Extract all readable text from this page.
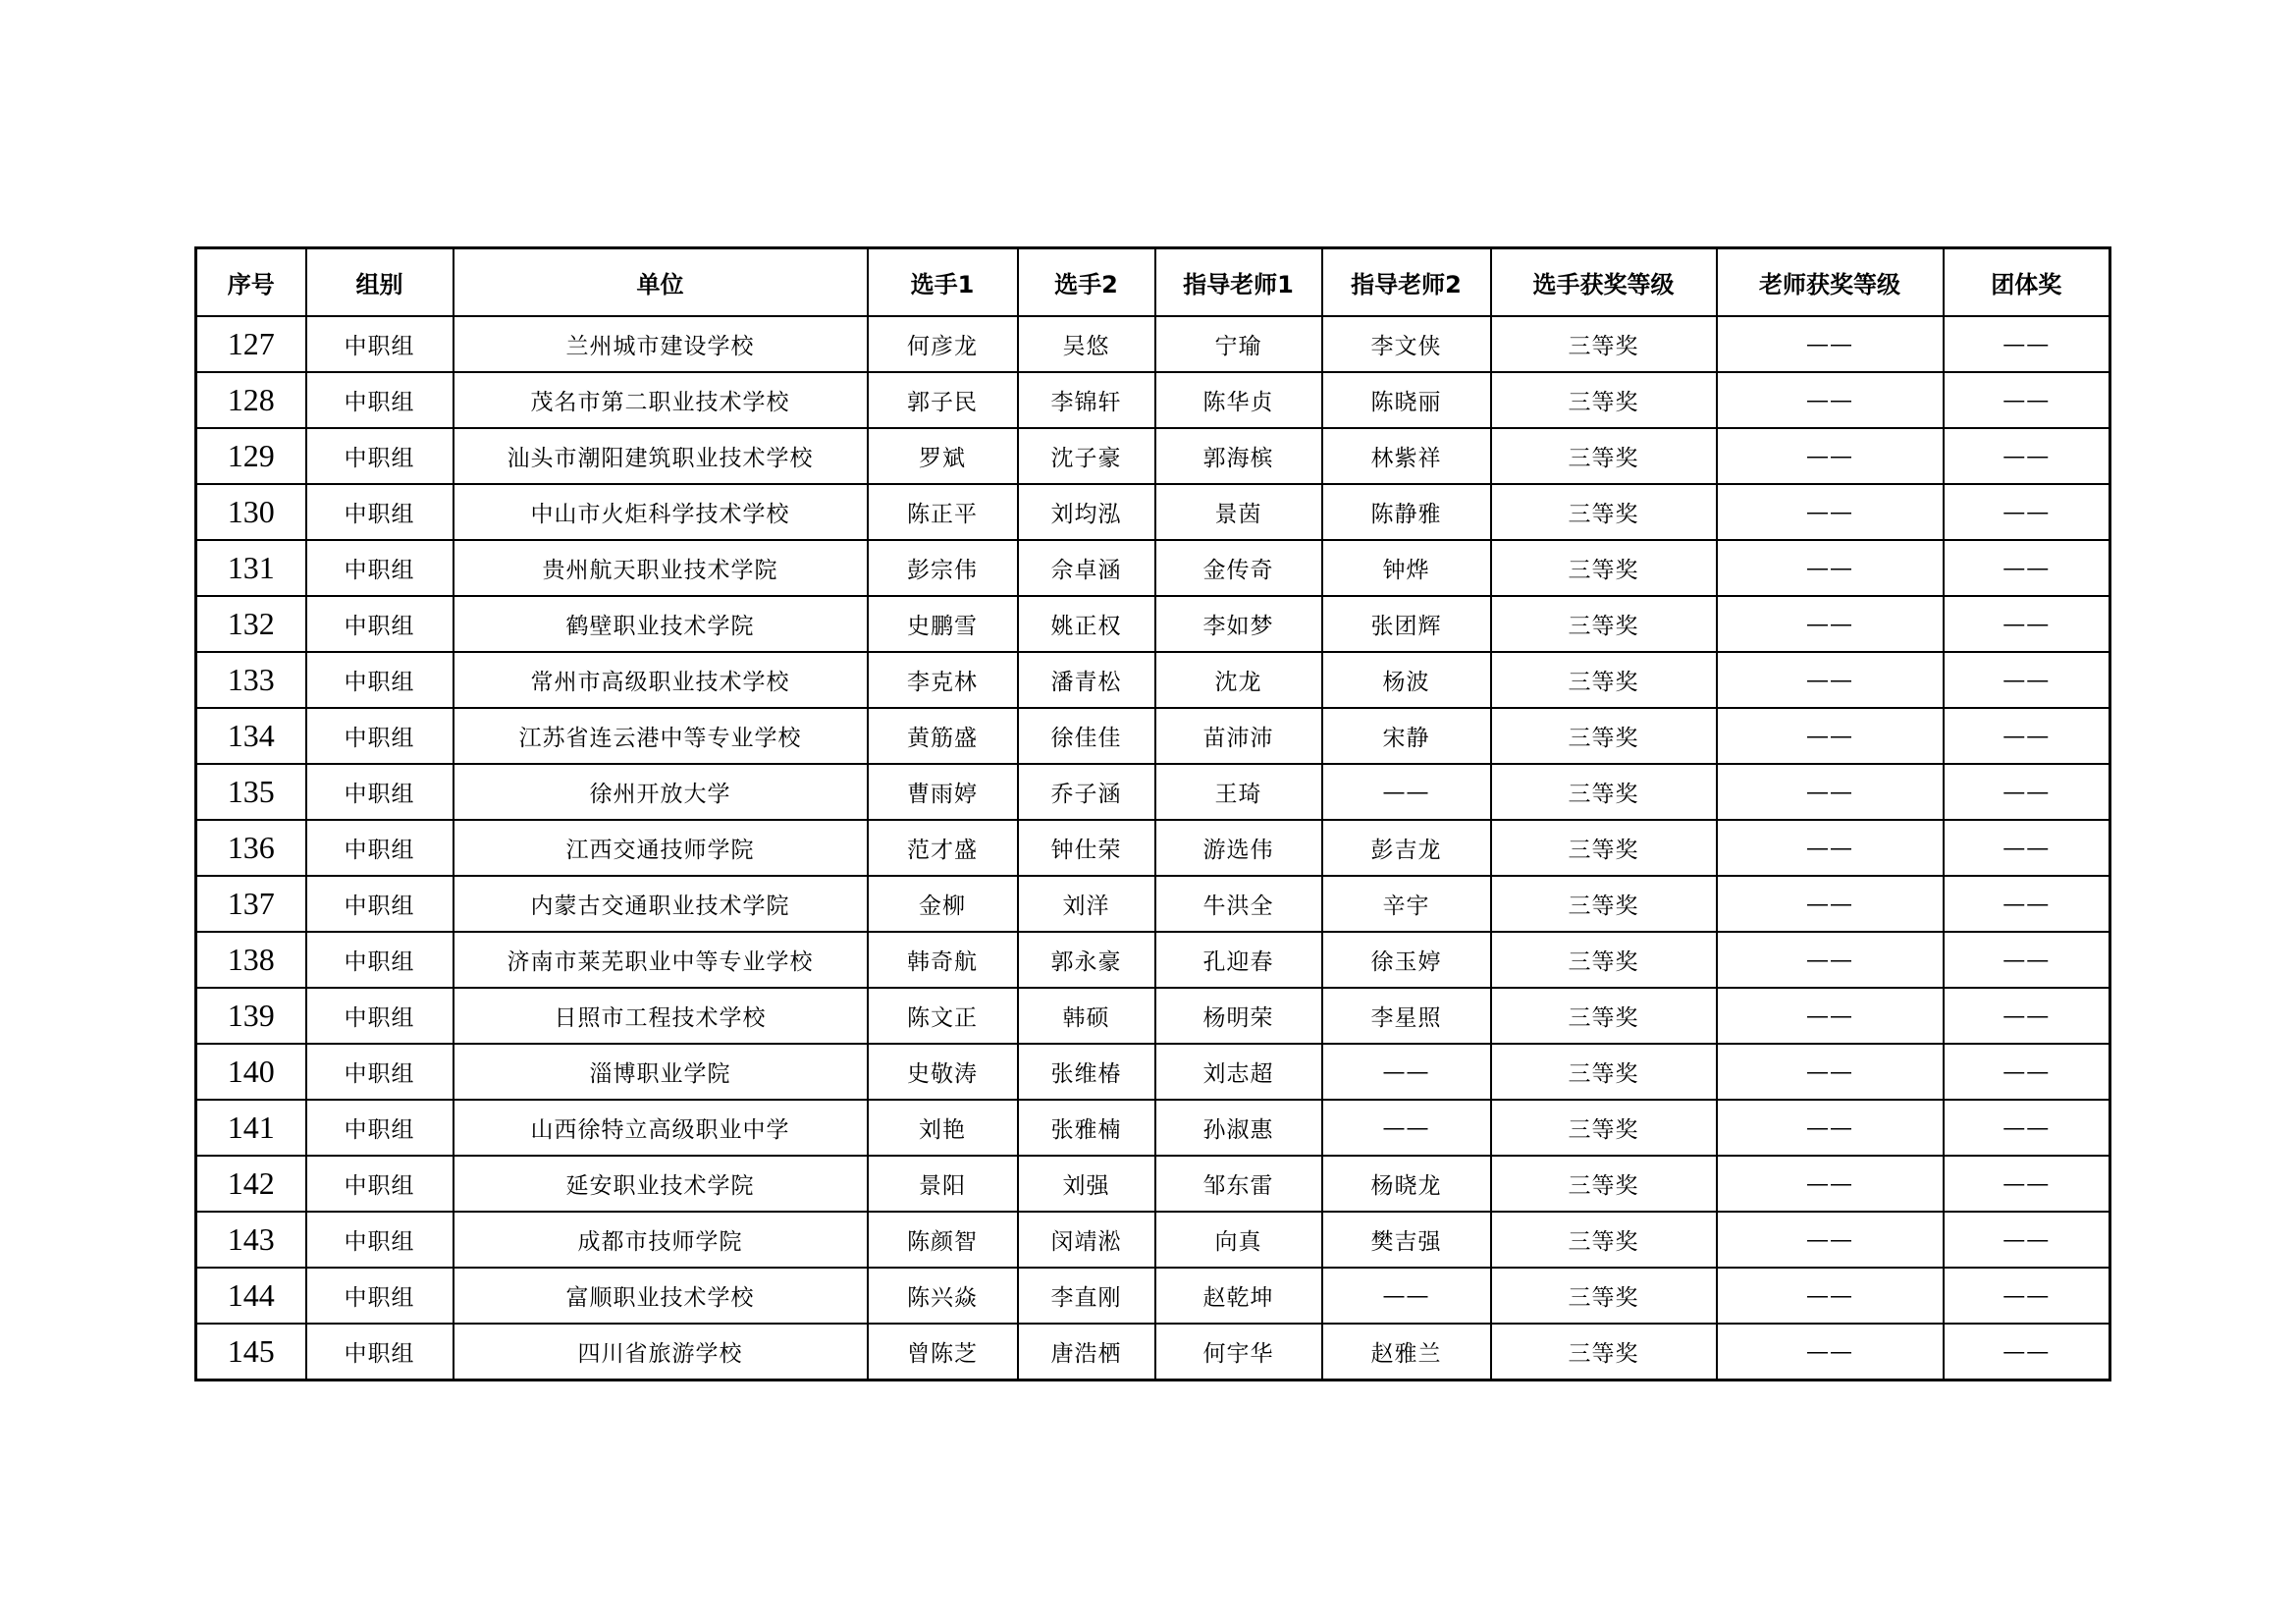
序号	组别	单位	选手1	选手2	指导老师1	指导老师2	选手获奖等级	老师获奖等级	团体奖
127	中职组	兰州城市建设学校	何彦龙	吴悠	宁瑜	李文侠	三等奖	——	——
128	中职组	茂名市第二职业技术学校	郭子民	李锦轩	陈华贞	陈晓丽	三等奖	——	——
129	中职组	汕头市潮阳建筑职业技术学校	罗斌	沈子豪	郭海槟	林紫祥	三等奖	——	——
130	中职组	中山市火炬科学技术学校	陈正平	刘均泓	景茵	陈静雅	三等奖	——	——
131	中职组	贵州航天职业技术学院	彭宗伟	佘卓涵	金传奇	钟烨	三等奖	——	——
132	中职组	鹤壁职业技术学院	史鹏雪	姚正权	李如梦	张团辉	三等奖	——	——
133	中职组	常州市高级职业技术学校	李克林	潘青松	沈龙	杨波	三等奖	——	——
134	中职组	江苏省连云港中等专业学校	黄筋盛	徐佳佳	苗沛沛	宋静	三等奖	——	——
135	中职组	徐州开放大学	曹雨婷	乔子涵	王琦	——	三等奖	——	——
136	中职组	江西交通技师学院	范才盛	钟仕荣	游选伟	彭吉龙	三等奖	——	——
137	中职组	内蒙古交通职业技术学院	金柳	刘洋	牛洪全	辛宇	三等奖	——	——
138	中职组	济南市莱芜职业中等专业学校	韩奇航	郭永豪	孔迎春	徐玉婷	三等奖	——	——
139	中职组	日照市工程技术学校	陈文正	韩硕	杨明荣	李星照	三等奖	——	——
140	中职组	淄博职业学院	史敬涛	张维椿	刘志超	——	三等奖	——	——
141	中职组	山西徐特立高级职业中学	刘艳	张雅楠	孙淑惠	——	三等奖	——	——
142	中职组	延安职业技术学院	景阳	刘强	邹东雷	杨晓龙	三等奖	——	——
143	中职组	成都市技师学院	陈颜智	闵靖淞	向真	樊吉强	三等奖	——	——
144	中职组	富顺职业技术学校	陈兴焱	李直刚	赵乾坤	——	三等奖	——	——
145	中职组	四川省旅游学校	曾陈芝	唐浩栖	何宇华	赵雅兰	三等奖	——	——
